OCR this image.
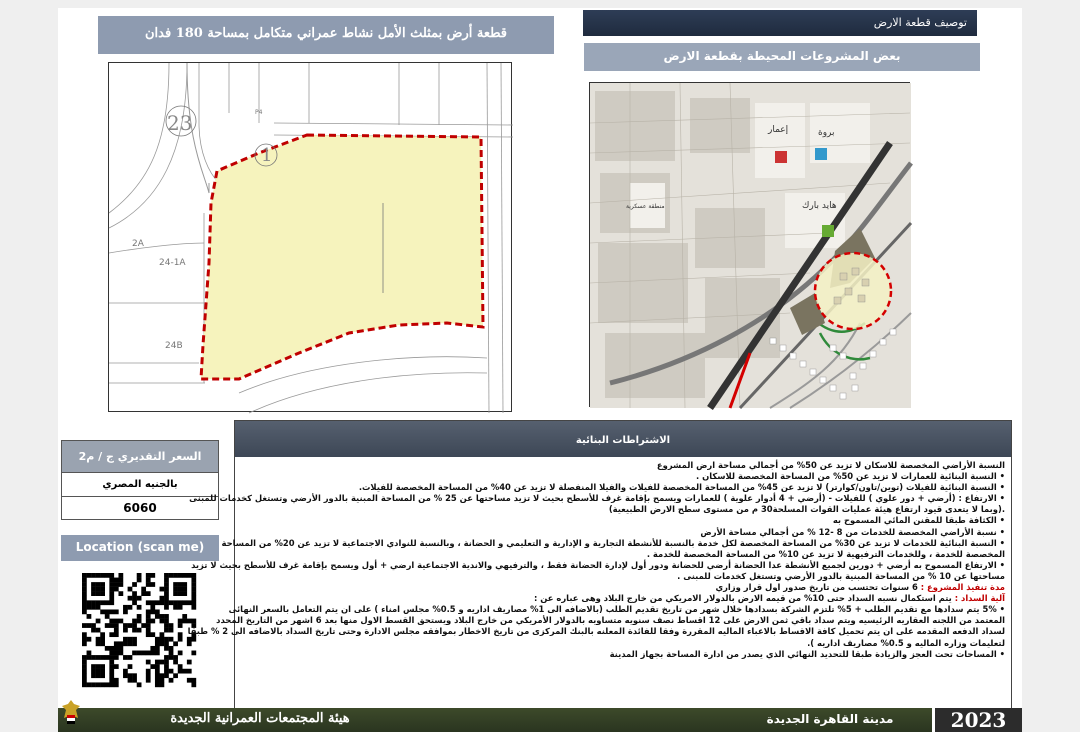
توصيف قطعة الارض
بعض المشروعات المحيطة بقطعة الارض
قطعة أرض بمثلث الأمل نشاط عمراني متكامل بمساحة 180 فدان
23
1
2A
24-1A
24B
P4
إعمار	بروة
منطقة عسكرية	هايد بارك
السعر التقديري ج / م2
بالجنيه المصري
6060
Location (scan me)
الاشتراطات البنائية
النسبة الأراضي المخصصة للاسكان لا تزيد عن 50% من أجمالي مساحة ارض المشروع
• النسبة البنائية للعمارات لا تزيد عن 50% من المساحة المخصصة للاسكان .
• النسبة البنائية للفيلات (توين/تاون/كوارتر) لا تزيد عن 45% من المساحة المخصصة للفيلات والفيلا المنفصلة لا تزيد عن 40% من المساحة المخصصة للفيلات.
• الارتفاع : (أرضي + دور علوي ) للفيلات - (أرضي + 4 أدوار علوية ) للعمارات ويسمح بإقامة غرف للأسطح بحيث لا تزيد مساحتها عن 25 % من المساحة المبنية بالدور الأرضي وتستغل كخدمات للمبنى
.(وبما لا يتعدى قيود ارتفاع هيئة عمليات القوات المسلحة30 م من مستوى سطح الارض الطبيعية)
• الكثافة طبقا للمقنن المائي المسموح به
• نسبة الأراضي المخصصة للخدمات من 8 -12 % من أجمالي مساحة الأرض
• النسبة البنائية للخدمات لا تزيد عن 30% من المساحة المخصصة لكل خدمة بالنسبة للأنشطة التجارية و الإدارية و التعليمي و الحضانة ، وبالنسبة للنوادي الاجتماعية لا تزيد عن 20% من المساحة
المخصصة للخدمة ، وللخدمات الترفيهية لا تزيد عن 10% من المساحة المخصصة للخدمة .
• الارتفاع المسموح به أرضي + دورين لجميع الأنشطة عدا الحضانة أرضي للحضانة ودور أول لإدارة الحضانة فقط ، والترفيهي والاندية الاجتماعية ارضي + أول ويسمح بإقامة غرف للأسطح بحيث لا تزيد
مساحتها عن 10 % من المساحة المبنية بالدور الأرضي وتستغل كخدمات للمبنى .
مدة تنفيذ المشروع : 6 سنوات تحتسب من تاريخ صدور اول قرار وزاري
آلية السداد : يتم استكمال نسبه السداد حتى 10% من قيمه الارض بالدولار الامريكي من خارج البلاد وهى عباره عن :
• 5% يتم سدادها مع تقديم الطلب + 5% تلتزم الشركة بسدادها خلال شهر من تاريخ تقديم الطلب (بالاضافه الى 1% مصاريف اداريه و 0.5% مجلس امناء ) على ان يتم التعامل بالسعر النهائى
المعتمد من اللجنه العقاريه الرئيسيه ويتم سداد باقي ثمن الارض على 12 اقساط نصف سنويه متساويه بالدولار الأمريكي من خارج البلاد ويستحق القسط الاول منها بعد 6 اشهر من التاريخ المحدد
لسداد الدفعه المقدمه على ان يتم تحميل كافة الاقساط بالاعباء الماليه المقررة وفقا للفائدة المعلنه بالبنك المركزى من تاريخ الاخطار بموافقه مجلس الادارة وحتى تاريخ السداد بالاضافه الى 2 % طبقا
لتعليمات وزاره الماليه و 0.5% مصاريف اداريه ).
• المساحات تحت العجز والزيادة طبقا للتحديد النهائي الذي يصدر من ادارة المساحة بجهاز المدينة
هيئة المجتمعات العمرانية الجديدة	مدينة القاهرة الجديدة	2023
